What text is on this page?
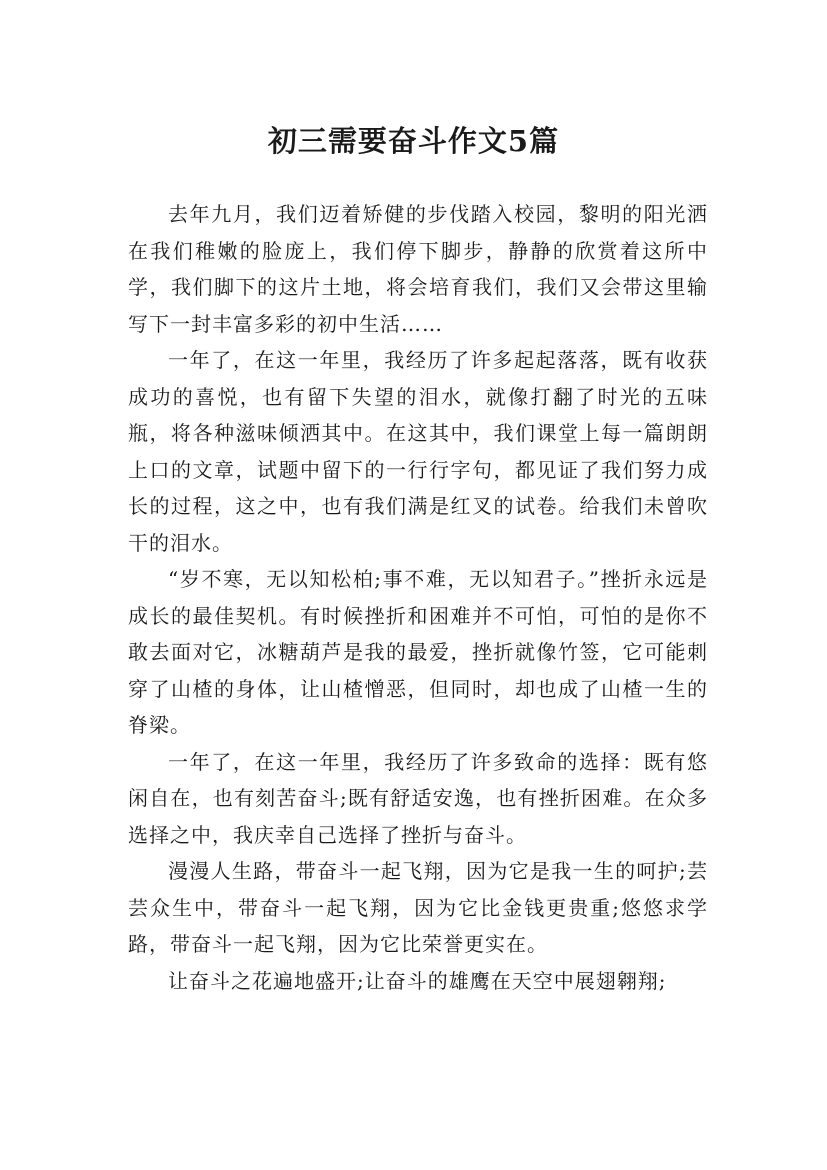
初三需要奋斗作文5篇

去年九月，我们迈着矫健的步伐踏入校园，黎明的阳光洒在我们稚嫩的脸庞上，我们停下脚步，静静的欣赏着这所中学，我们脚下的这片土地，将会培育我们，我们又会带这里输写下一封丰富多彩的初中生活……

一年了，在这一年里，我经历了许多起起落落，既有收获成功的喜悦，也有留下失望的泪水，就像打翻了时光的五味瓶，将各种滋味倾洒其中。在这其中，我们课堂上每一篇朗朗上口的文章，试题中留下的一行行字句，都见证了我们努力成长的过程，这之中，也有我们满是红叉的试卷。给我们未曾吹干的泪水。

“岁不寒，无以知松柏;事不难，无以知君子。”挫折永远是成长的最佳契机。有时候挫折和困难并不可怕，可怕的是你不敢去面对它，冰糖葫芦是我的最爱，挫折就像竹签，它可能刺穿了山楂的身体，让山楂憎恶，但同时，却也成了山楂一生的脊梁。

一年了，在这一年里，我经历了许多致命的选择：既有悠闲自在，也有刻苦奋斗;既有舒适安逸，也有挫折困难。在众多选择之中，我庆幸自己选择了挫折与奋斗。

漫漫人生路，带奋斗一起飞翔，因为它是我一生的呵护;芸芸众生中，带奋斗一起飞翔，因为它比金钱更贵重;悠悠求学路，带奋斗一起飞翔，因为它比荣誉更实在。

让奋斗之花遍地盛开;让奋斗的雄鹰在天空中展翅翱翔;
